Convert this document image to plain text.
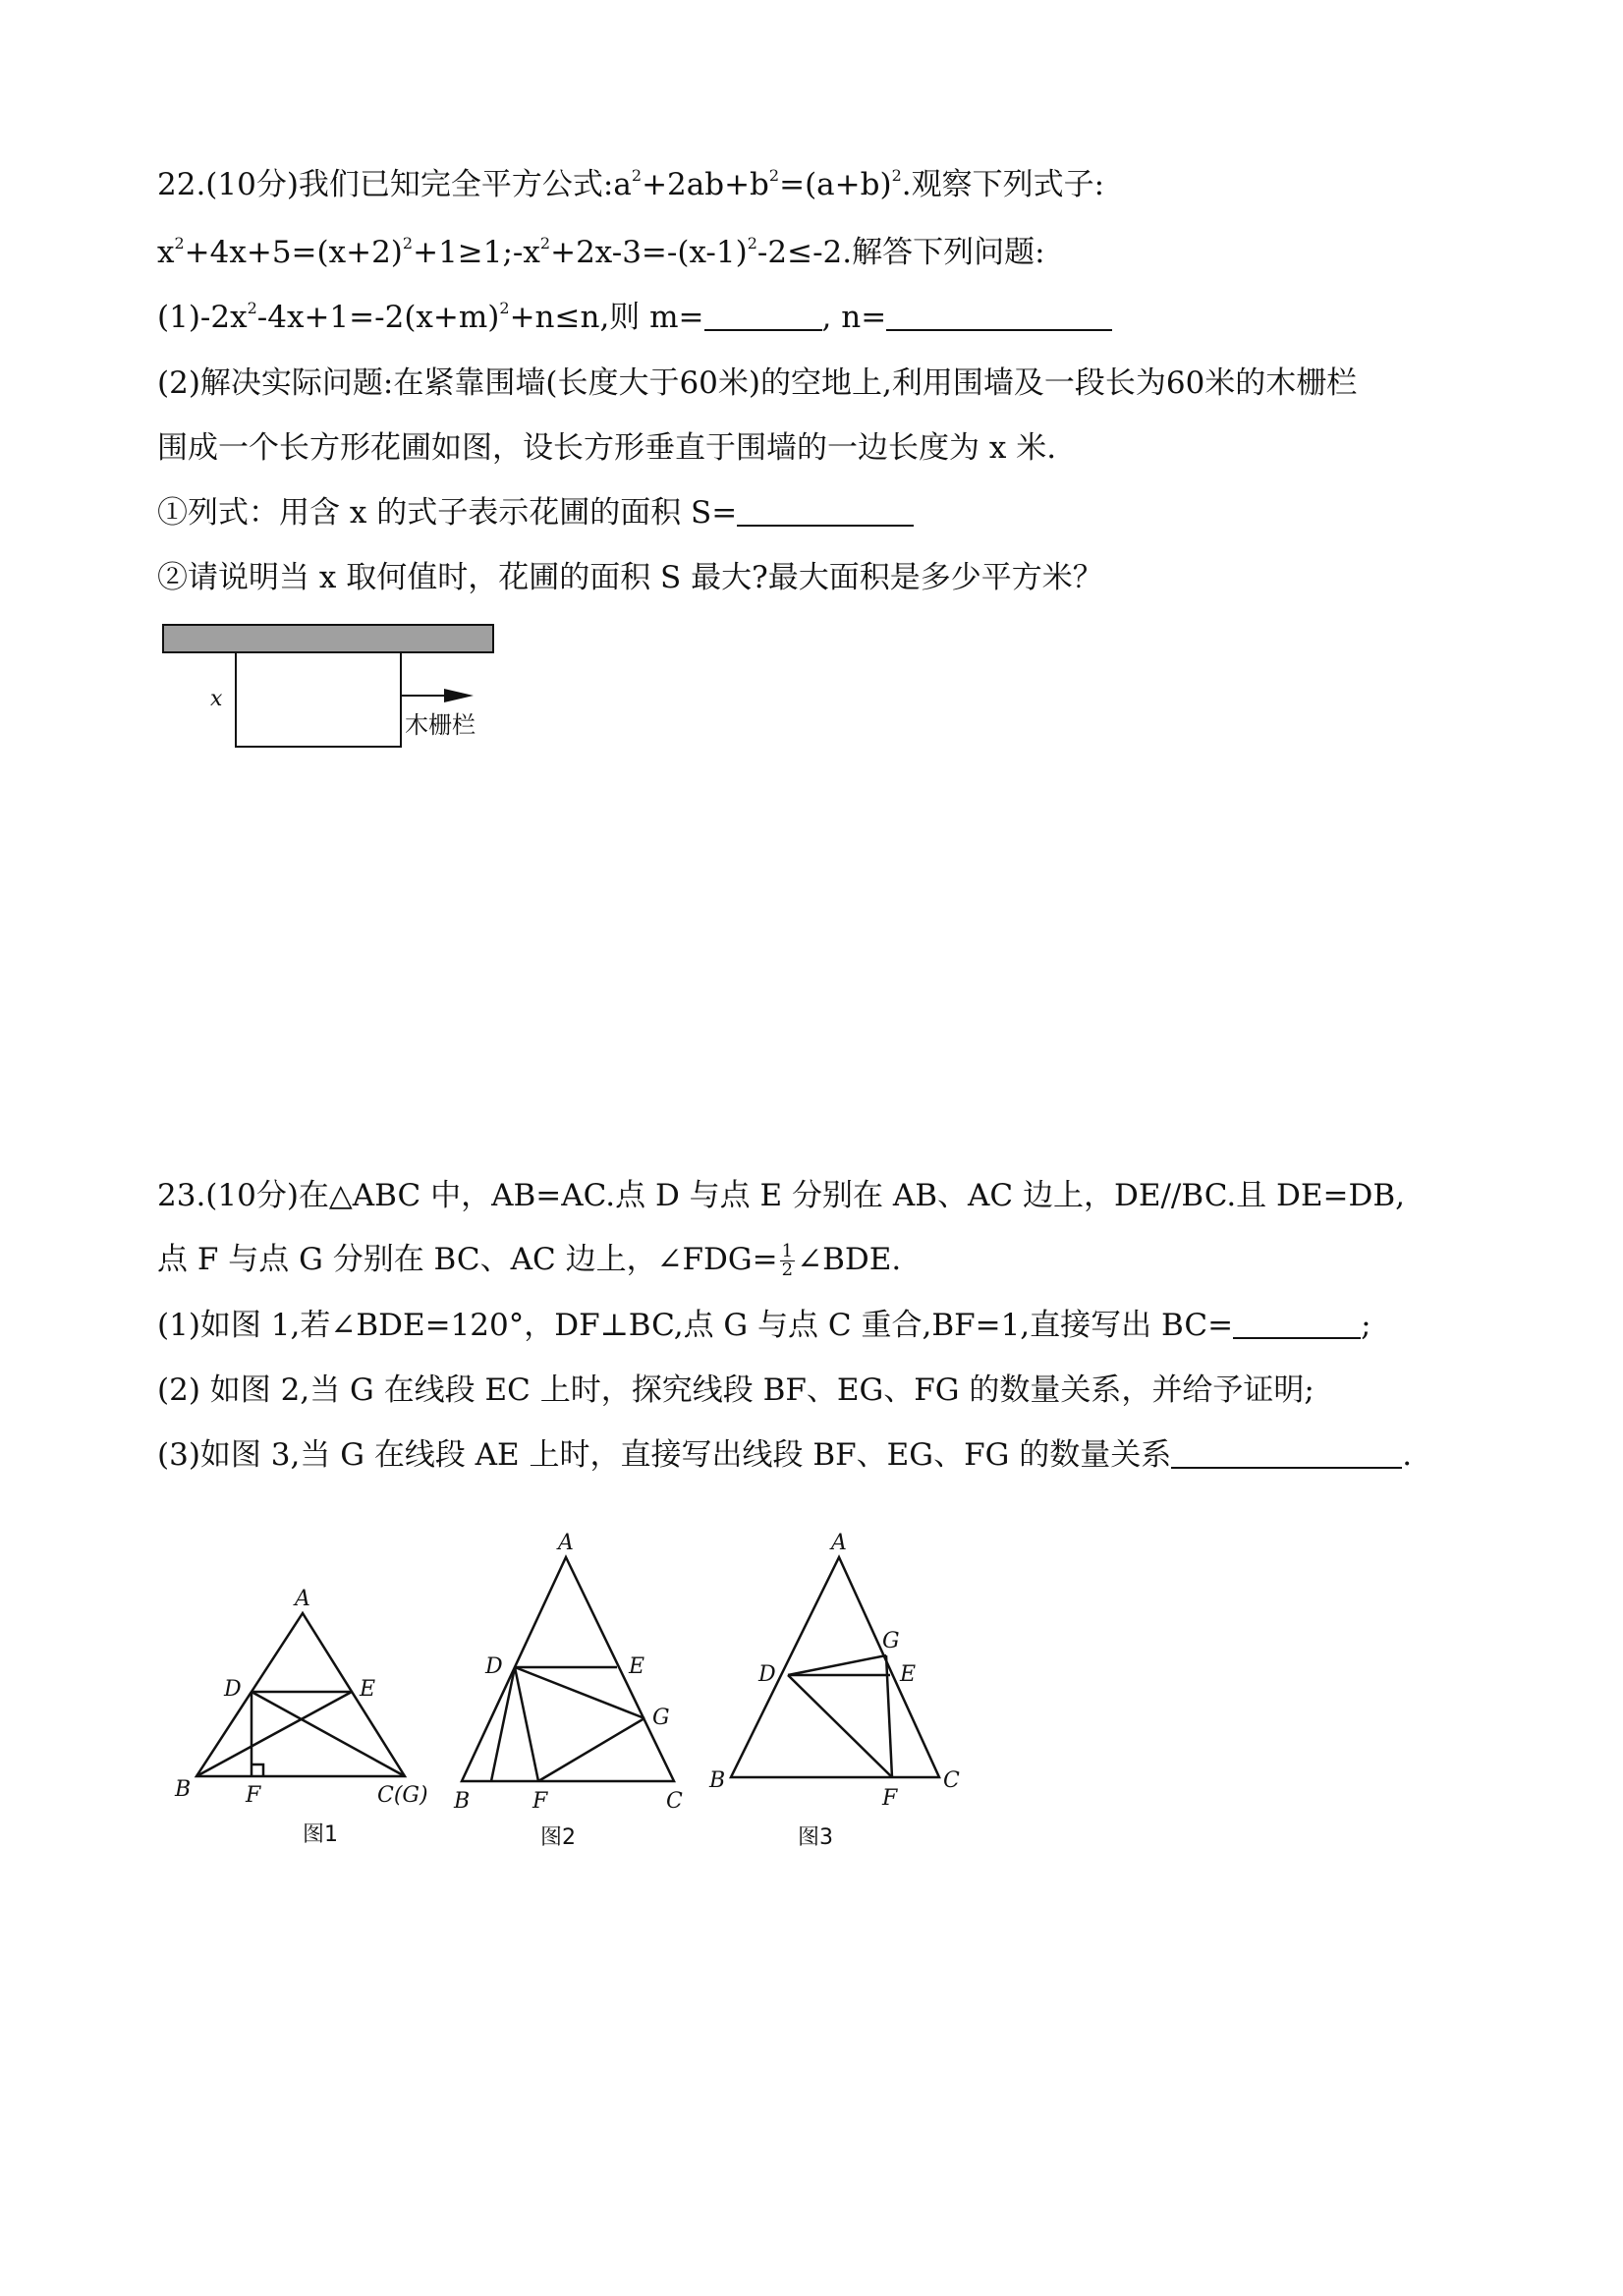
22.(10分)我们已知完全平方公式$:a^2+2ab+b^2=(a+b)^2$.观察下列式子:
$x^2+4x+5=(x+2)^2+1\ge 1;-x^2+2x-3=-(x-1)^2-2\le-2$.解答下列问题:
$(1)-2x^2-4x+1=-2(x+m)^2+n\le n$,则 m=	, n=
(2)解决实际问题:在紧靠围墙(长度大于60米)的空地上,利用围墙及一段长为60米的木栅栏
围成一个长方形花圃如图，设长方形垂直于围墙的一边长度为 x 米.
①列式：用含 x 的式子表示花圃的面积 S=
②请说明当 x 取何值时，花圃的面积 S 最大?最大面积是多少平方米？
x
木栅栏
23.(10分)在△ABC 中，AB=AC.点 D 与点 E 分别在 AB、AC 边上，DE//BC.且 DE=DB,
点 F 与点 G 分别在 BC、AC 边上，∠FDG= $\frac{1}{2}$ ∠BDE.
(1)如图 1,若∠BDE=120°，DF⊥BC,点 G 与点 C 重合,BF=1,直接写出 BC=	;
(2) 如图 2,当 G 在线段 EC 上时，探究线段 BF、EG、FG 的数量关系，并给予证明;
(3)如图 3,当 G 在线段 AE 上时，直接写出线段 BF、EG、FG 的数量关系	.
A
D	E
B	F	C(G)
图1
A
D	E
G
B	F	C
图2
A
G
E
D
B
F
C
图3
